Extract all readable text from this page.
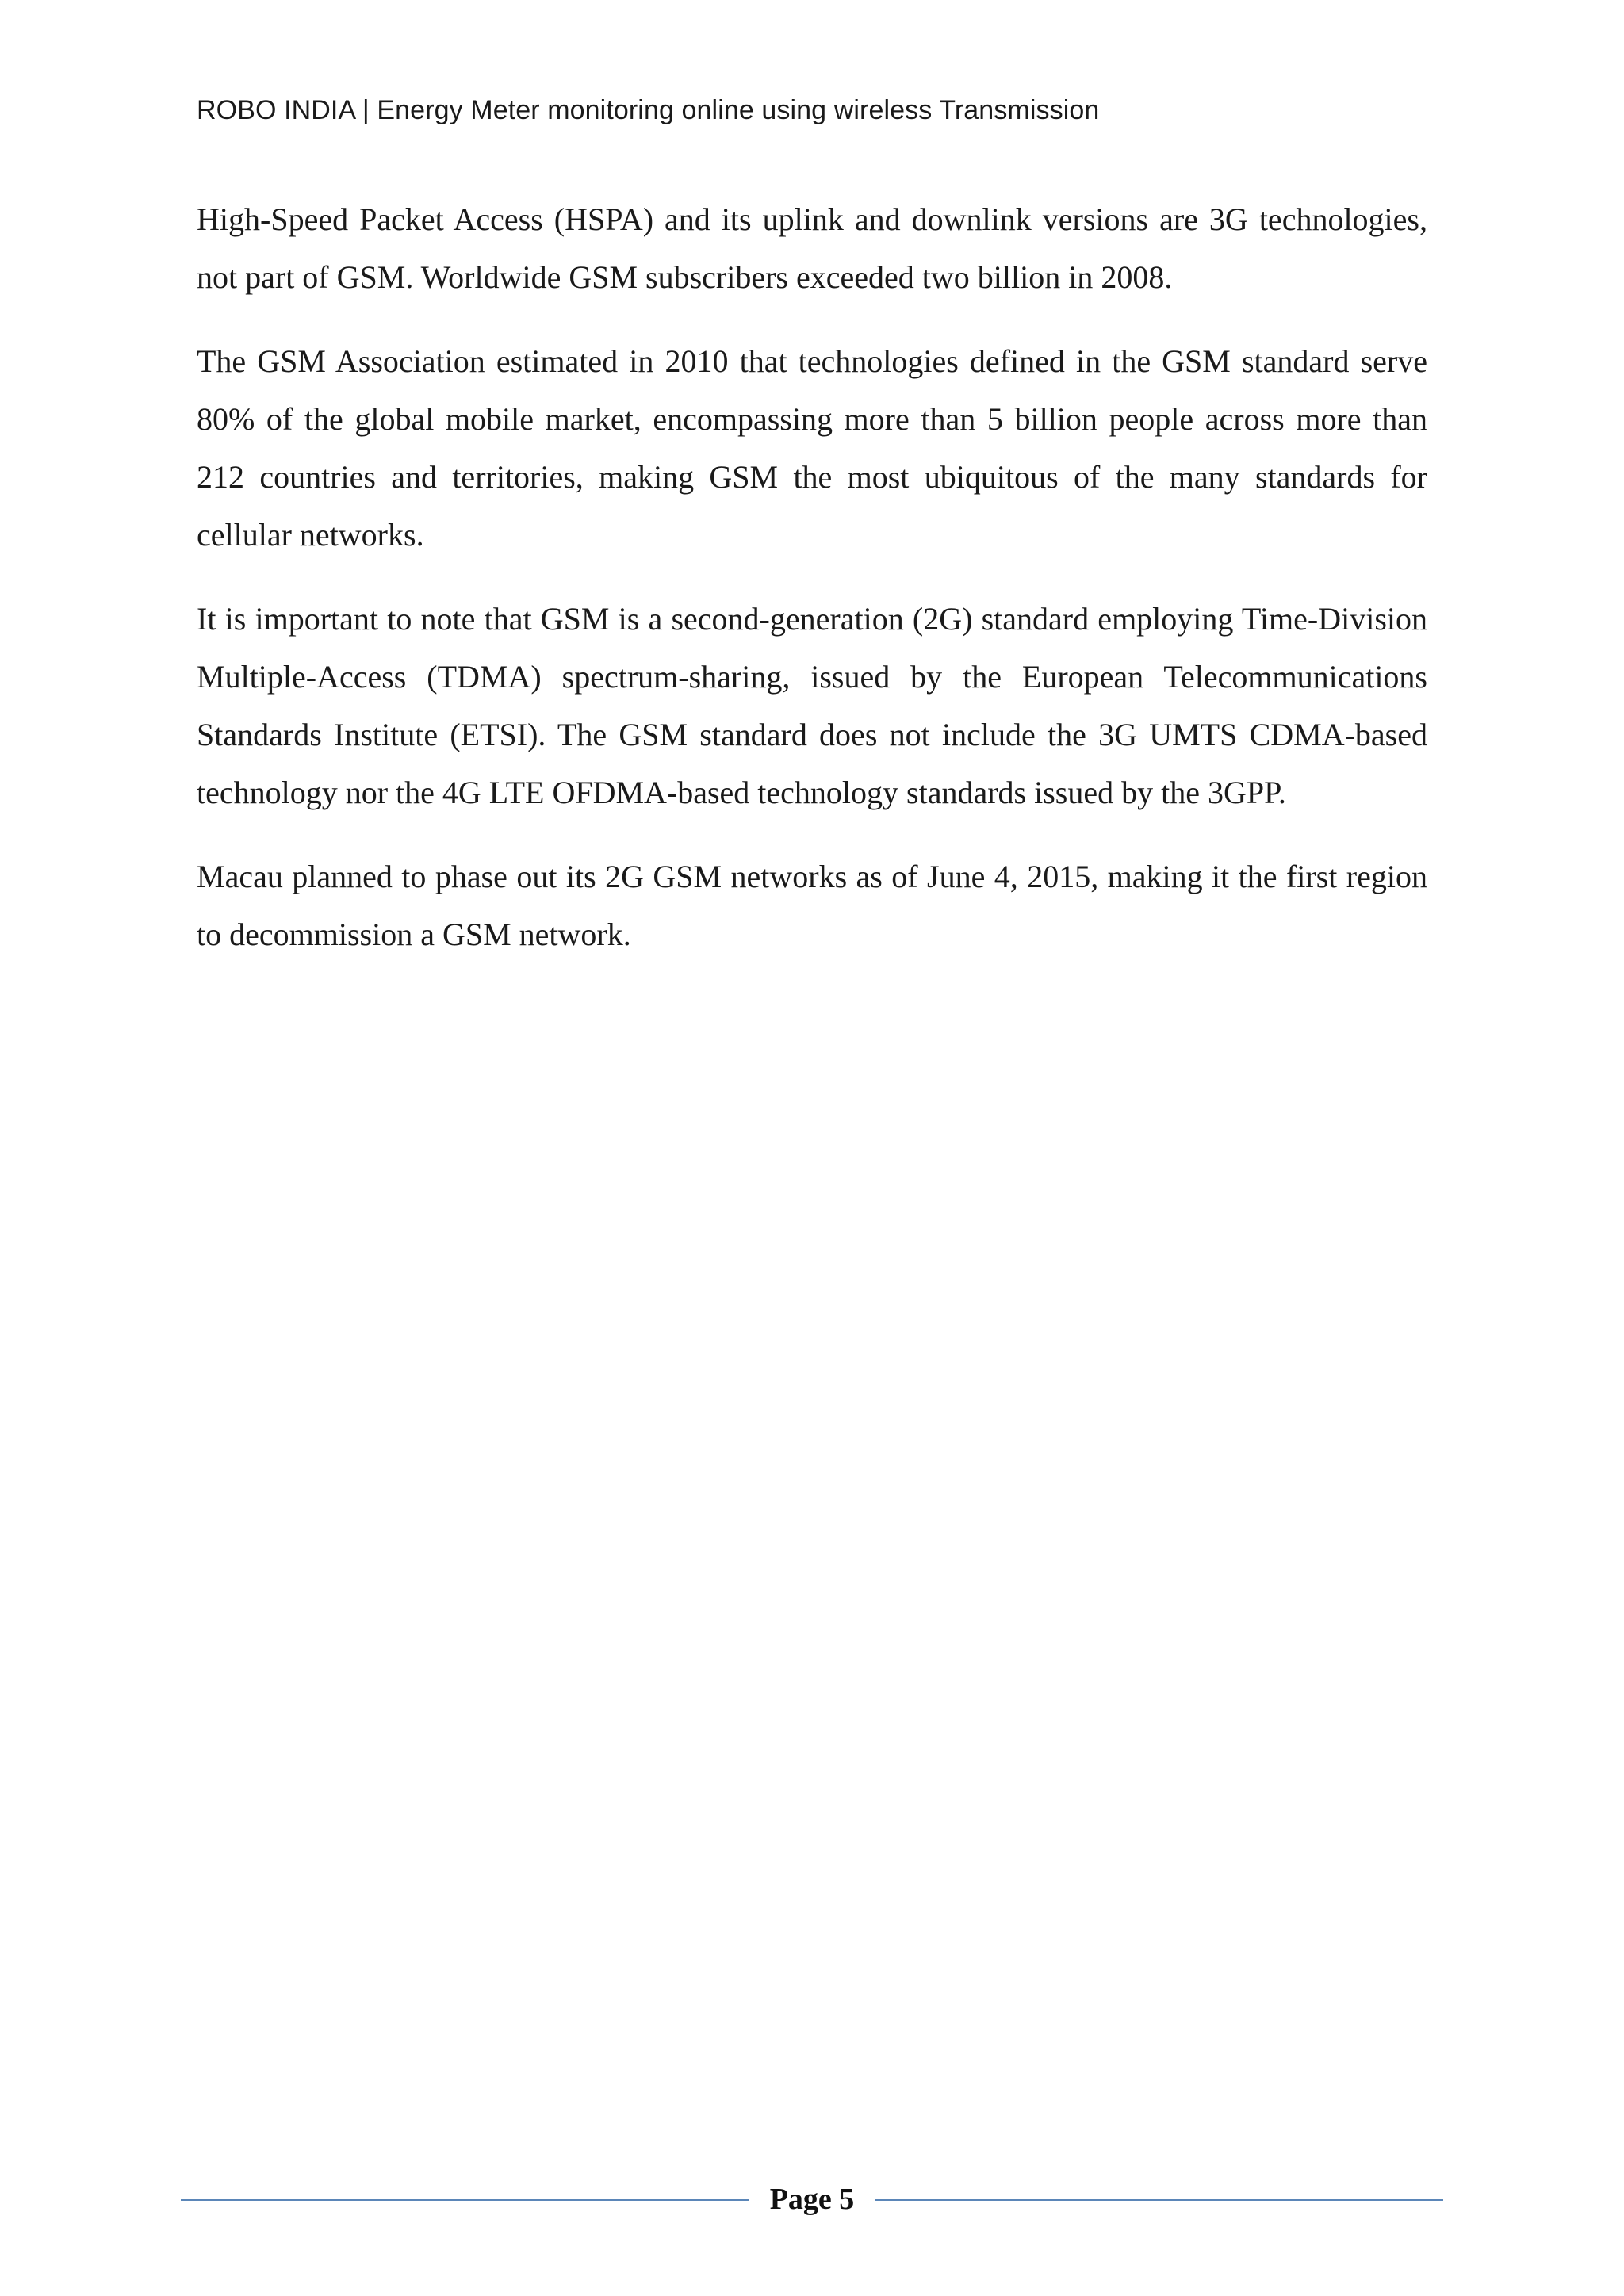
ROBO INDIA | Energy Meter monitoring online using wireless Transmission

High-Speed Packet Access (HSPA) and its uplink and downlink versions are 3G technologies, not part of GSM. Worldwide GSM subscribers exceeded two billion in 2008.

The GSM Association estimated in 2010 that technologies defined in the GSM standard serve 80% of the global mobile market, encompassing more than 5 billion people across more than 212 countries and territories, making GSM the most ubiquitous of the many standards for cellular networks.

It is important to note that GSM is a second-generation (2G) standard employing Time-Division Multiple-Access (TDMA) spectrum-sharing, issued by the European Telecommunications Standards Institute (ETSI). The GSM standard does not include the 3G UMTS CDMA-based technology nor the 4G LTE OFDMA-based technology standards issued by the 3GPP.

Macau planned to phase out its 2G GSM networks as of June 4, 2015, making it the first region to decommission a GSM network.

Page 5
